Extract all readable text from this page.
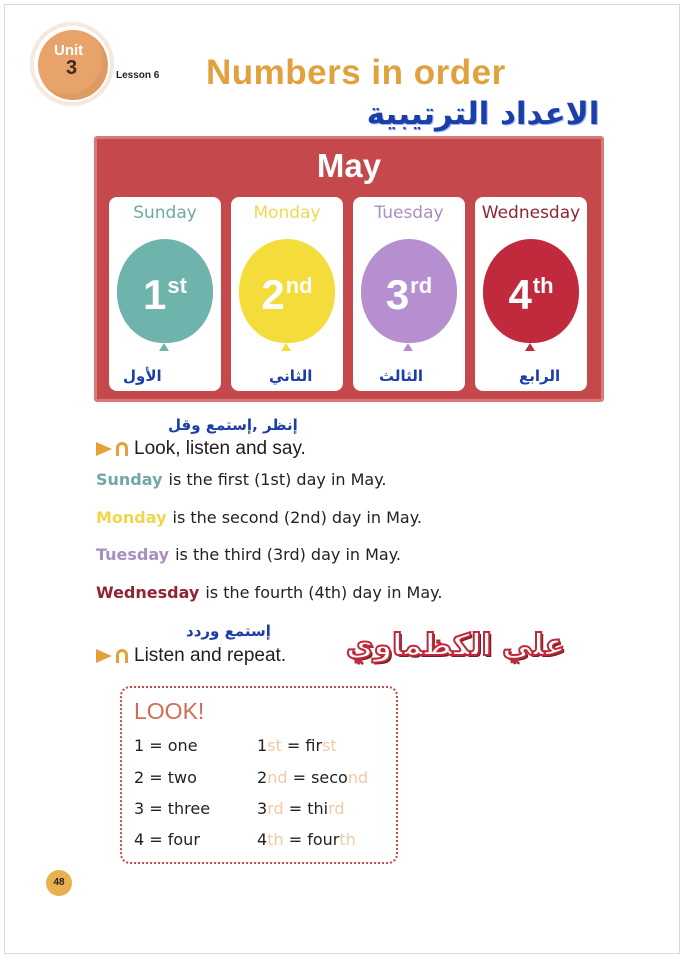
Unit
3	Lesson 6 Numbers in order
الاعداد الترتيبية
May
Sunday
1st
الأول
Monday
2nd
الثاني
Tuesday
3rd
الثالث
Wednesday
4th
الرابع
إنظر ,إستمع وقل
Look, listen and say.
Sunday is the first (1st) day in May.
Monday is the second (2nd) day in May.
Tuesday is the third (3rd) day in May.
Wednesday is the fourth (4th) day in May.
إستمع وردد
Listen and repeat. علي الكظماوي
LOOK!
1 = one	1st = first
2 = two	2nd = second
3 = three	3rd = third
4 = four	4th = fourth
48
